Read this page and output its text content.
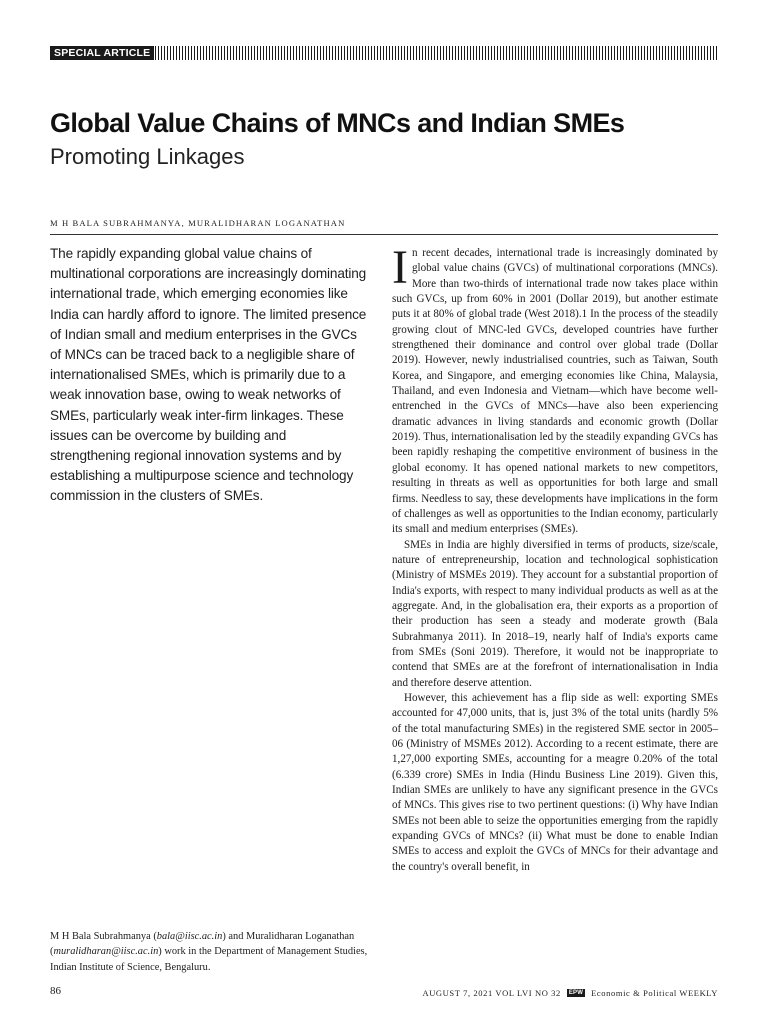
SPECIAL ARTICLE
Global Value Chains of MNCs and Indian SMEs
Promoting Linkages
M H BALA SUBRAHMANYA, MURALIDHARAN LOGANATHAN

The rapidly expanding global value chains of multinational corporations are increasingly dominating international trade, which emerging economies like India can hardly afford to ignore. The limited presence of Indian small and medium enterprises in the GVCs of MNCs can be traced back to a negligible share of internationalised SMEs, which is primarily due to a weak innovation base, owing to weak networks of SMEs, particularly weak inter-firm linkages. These issues can be overcome by building and strengthening regional innovation systems and by establishing a multipurpose science and technology commission in the clusters of SMEs.

M H Bala Subrahmanya (bala@iisc.ac.in) and Muralidharan Loganathan (muralidharan@iisc.ac.in) work in the Department of Management Studies, Indian Institute of Science, Bengaluru.

I n recent decades, international trade is increasingly dominated by global value chains (GVCs) of multinational corporations (MNCs). More than two-thirds of international trade now takes place within such GVCs, up from 60% in 2001 (Dollar 2019), but another estimate puts it at 80% of global trade (West 2018).1 In the process of the steadily growing clout of MNC-led GVCs, developed countries have further strengthened their dominance and control over global trade (Dollar 2019). However, newly industrialised countries, such as Taiwan, South Korea, and Singapore, and emerging economies like China, Malaysia, Thailand, and even Indonesia and Vietnam—which have become well-entrenched in the GVCs of MNCs—have also been experiencing dramatic advances in living standards and economic growth (Dollar 2019). Thus, internationalisation led by the steadily expanding GVCs has been rapidly reshaping the competitive environment of business in the global economy. It has opened national markets to new competitors, resulting in threats as well as opportunities for both large and small firms. Needless to say, these developments have implications in the form of challenges as well as opportunities to the Indian economy, particularly its small and medium enterprises (SMEs).

SMEs in India are highly diversified in terms of products, size/scale, nature of entrepreneurship, location and technological sophistication (Ministry of MSMEs 2019). They account for a substantial proportion of India's exports, with respect to many individual products as well as at the aggregate. And, in the globalisation era, their exports as a proportion of their production has seen a steady and moderate growth (Bala Subrahmanya 2011). In 2018–19, nearly half of India's exports came from SMEs (Soni 2019). Therefore, it would not be inappropriate to contend that SMEs are at the forefront of internationalisation in India and therefore deserve attention.

However, this achievement has a flip side as well: exporting SMEs accounted for 47,000 units, that is, just 3% of the total units (hardly 5% of the total manufacturing SMEs) in the registered SME sector in 2005–06 (Ministry of MSMEs 2012). According to a recent estimate, there are 1,27,000 exporting SMEs, accounting for a meagre 0.20% of the total (6.339 crore) SMEs in India (Hindu Business Line 2019). Given this, Indian SMEs are unlikely to have any significant presence in the GVCs of MNCs. This gives rise to two pertinent questions: (i) Why have Indian SMEs not been able to seize the opportunities emerging from the rapidly expanding GVCs of MNCs? (ii) What must be done to enable Indian SMEs to access and exploit the GVCs of MNCs for their advantage and the country's overall benefit, in

86	AUGUST 7, 2021 VOL LVI NO 32	EPW Economic & Political WEEKLY
